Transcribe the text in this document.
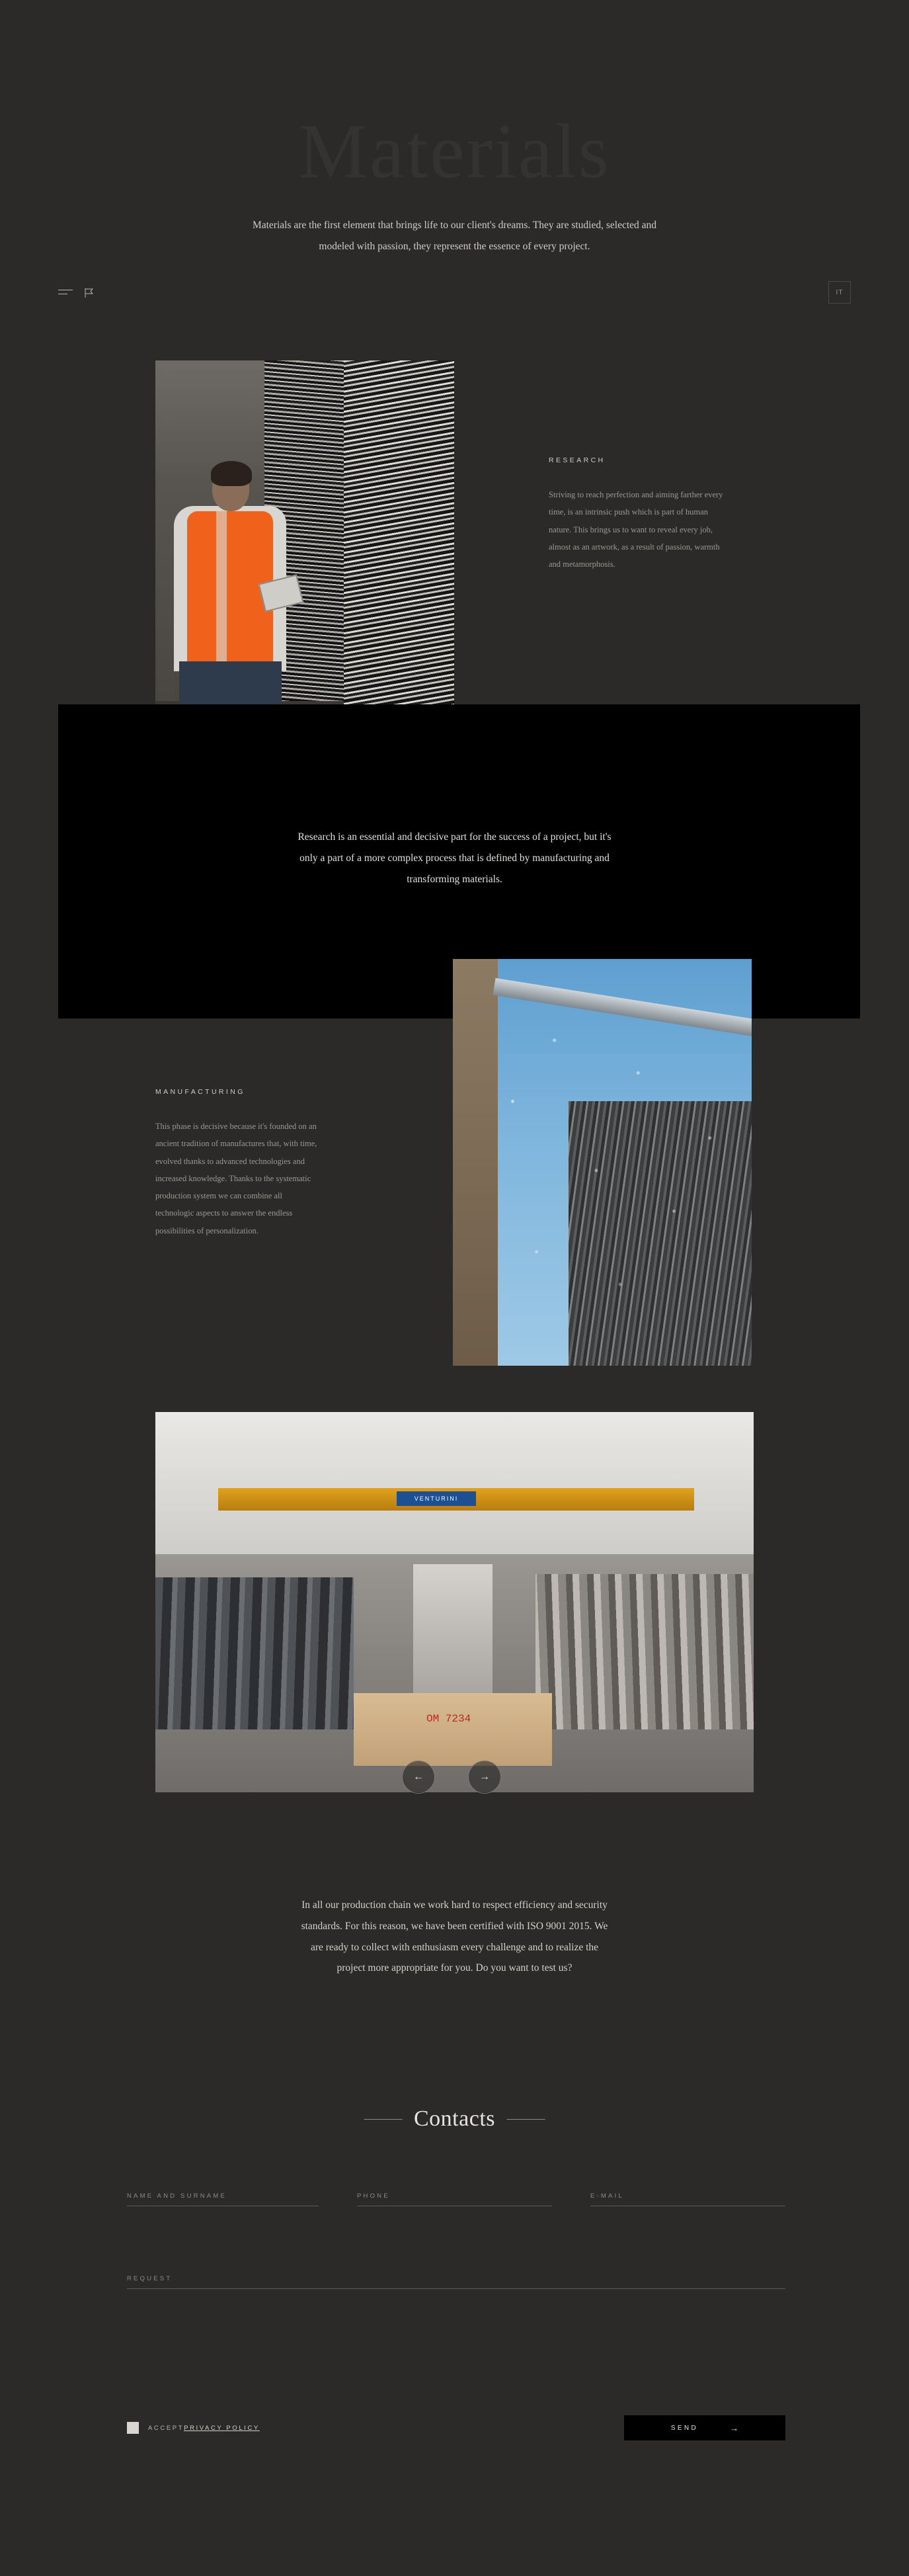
Materials
Materials are the first element that brings life to our client's dreams. They are studied, selected and modeled with passion, they represent the essence of every project.
IT
RESEARCH
Striving to reach perfection and aiming farther every time, is an intrinsic push which is part of human nature. This brings us to want to reveal every job, almost as an artwork, as a result of passion, warmth and metamorphosis.
Research is an essential and decisive part for the success of a project, but it's only a part of a more complex process that is defined by manufacturing and transforming materials.
MANUFACTURING
This phase is decisive because it's founded on an ancient tradition of manufactures that, with time, evolved thanks to advanced technologies and increased knowledge. Thanks to the systematic production system we can combine all technologic aspects to answer the endless possibilities of personalization.
VENTURINI
OM 7234
←	→
In all our production chain we work hard to respect efficiency and security standards. For this reason, we have been certified with ISO 9001 2015. We are ready to collect with enthusiasm every challenge and to realize the project more appropriate for you. Do you want to test us?
Contacts
NAME AND SURNAME	PHONE	E-MAIL
REQUEST
ACCEPTPRIVACY POLICY	SEND	→
